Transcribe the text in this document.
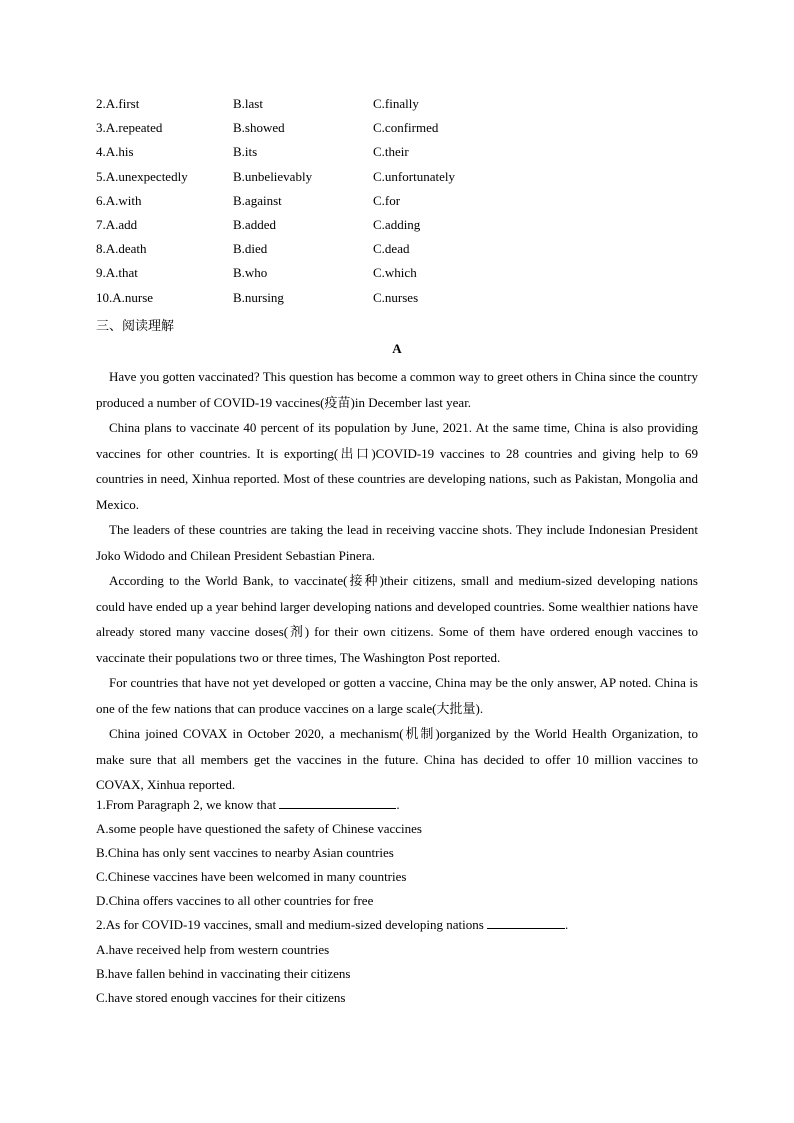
2.A.first	B.last	C.finally
3.A.repeated	B.showed	C.confirmed
4.A.his	B.its	C.their
5.A.unexpectedly	B.unbelievably	C.unfortunately
6.A.with	B.against	C.for
7.A.add	B.added	C.adding
8.A.death	B.died	C.dead
9.A.that	B.who	C.which
10.A.nurse	B.nursing	C.nurses
三、阅读理解
A

Have you gotten vaccinated? This question has become a common way to greet others in China since the country produced a number of COVID-19 vaccines(疫苗)in December last year.

China plans to vaccinate 40 percent of its population by June, 2021. At the same time, China is also providing vaccines for other countries. It is exporting(出口)COVID-19 vaccines to 28 countries and giving help to 69 countries in need, Xinhua reported. Most of these countries are developing nations, such as Pakistan, Mongolia and Mexico.

The leaders of these countries are taking the lead in receiving vaccine shots. They include Indonesian President Joko Widodo and Chilean President Sebastian Pinera.

According to the World Bank, to vaccinate(接种)their citizens, small and medium-sized developing nations could have ended up a year behind larger developing nations and developed countries. Some wealthier nations have already stored many vaccine doses(剂) for their own citizens. Some of them have ordered enough vaccines to vaccinate their populations two or three times, The Washington Post reported.

For countries that have not yet developed or gotten a vaccine, China may be the only answer, AP noted. China is one of the few nations that can produce vaccines on a large scale(大批量).

China joined COVAX in October 2020, a mechanism(机制)organized by the World Health Organization, to make sure that all members get the vaccines in the future. China has decided to offer 10 million vaccines to COVAX, Xinhua reported.

1.From Paragraph 2, we know that	.
A.some people have questioned the safety of Chinese vaccines
B.China has only sent vaccines to nearby Asian countries
C.Chinese vaccines have been welcomed in many countries
D.China offers vaccines to all other countries for free
2.As for COVID-19 vaccines, small and medium-sized developing nations	.
A.have received help from western countries
B.have fallen behind in vaccinating their citizens
C.have stored enough vaccines for their citizens
